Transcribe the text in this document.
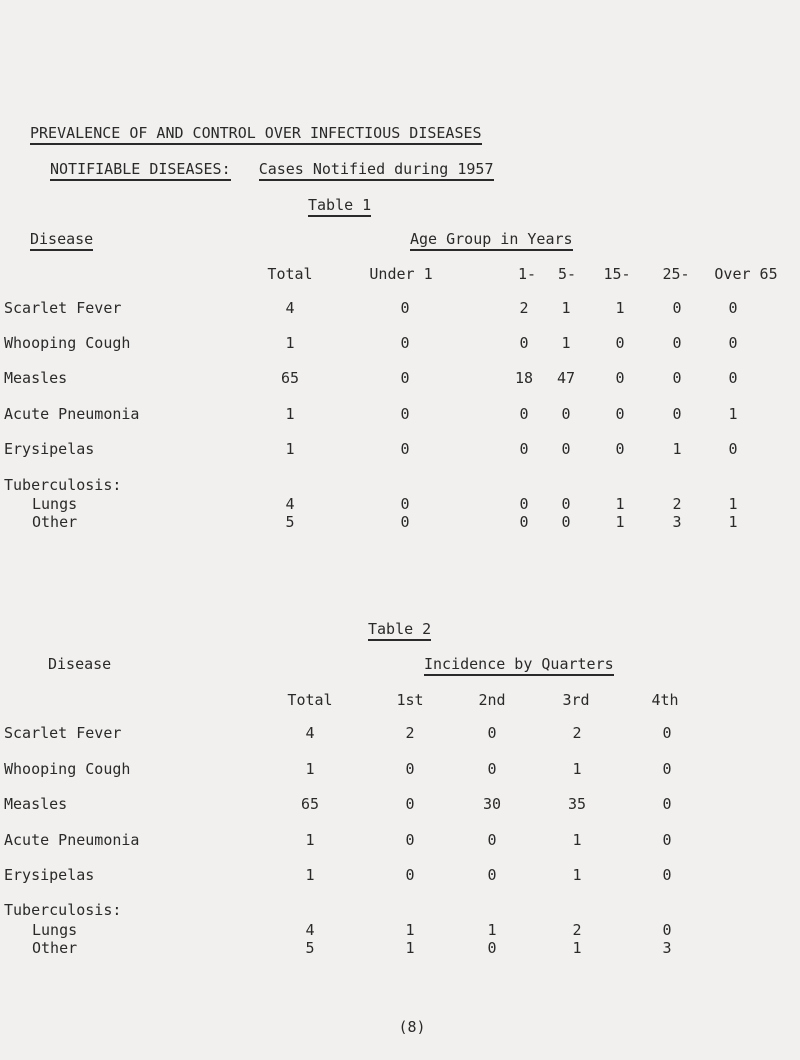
PREVALENCE OF AND CONTROL OVER INFECTIOUS DISEASES
NOTIFIABLE DISEASES: Cases Notified during 1957
Table 1
Disease	Age Group in Years
Total	Under 1	1- 5- 15- 25- Over 65
Scarlet Fever	4	0	2 1	1	0	0
Whooping Cough	1	0	0 1	0	0	0
Measles	65	0	18 47	0	0	0
Acute Pneumonia	1	0	0 0	0	0	1
Erysipelas	1	0	0 0	0	1	0
Tuberculosis:
Lungs	4	0	0 0	1	2	1
Other	5	0	0 0	1	3	1
Table 2
Disease	Incidence by Quarters
Total	1st	2nd	3rd	4th
Scarlet Fever	4	2	0	2	0
Whooping Cough	1	0	0	1	0
Measles	65	0	30	35	0
Acute Pneumonia	1	0	0	1	0
Erysipelas	1	0	0	1	0
Tuberculosis:
Lungs	4	1	1	2	0
Other	5	1	0	1	3
(8)
